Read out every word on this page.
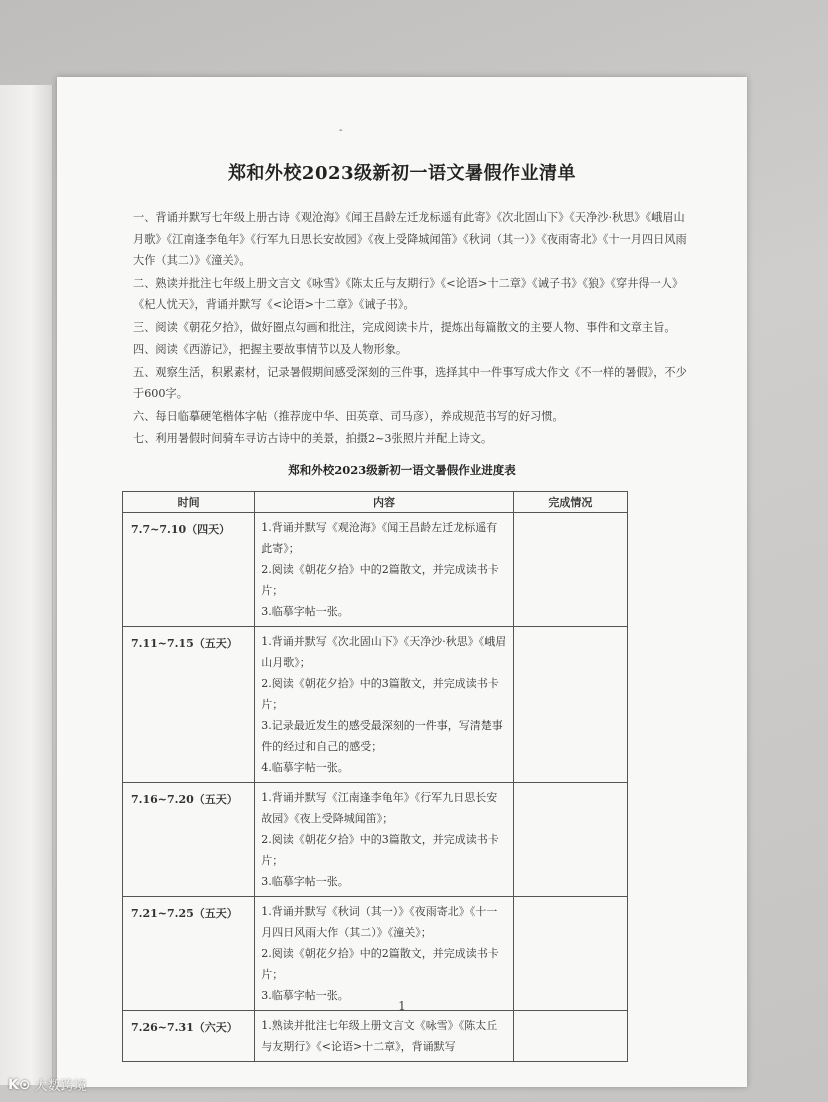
-
郑和外校2023级新初一语文暑假作业清单

一、背诵并默写七年级上册古诗《观沧海》《闻王昌龄左迁龙标遥有此寄》《次北固山下》《天净沙·秋思》《峨眉山月歌》《江南逢李龟年》《行军九日思长安故园》《夜上受降城闻笛》《秋词（其一）》《夜雨寄北》《十一月四日风雨大作（其二）》《潼关》。

二、熟读并批注七年级上册文言文《咏雪》《陈太丘与友期行》《<论语>十二章》《诫子书》《狼》《穿井得一人》《杞人忧天》，背诵并默写《<论语>十二章》《诫子书》。

三、阅读《朝花夕拾》，做好圈点勾画和批注，完成阅读卡片，提炼出每篇散文的主要人物、事件和文章主旨。

四、阅读《西游记》，把握主要故事情节以及人物形象。

五、观察生活，积累素材，记录暑假期间感受深刻的三件事，选择其中一件事写成大作文《不一样的暑假》，不少于600字。

六、每日临摹硬笔楷体字帖（推荐庞中华、田英章、司马彦），养成规范书写的好习惯。

七、利用暑假时间骑车寻访古诗中的美景，拍摄2~3张照片并配上诗文。

郑和外校2023级新初一语文暑假作业进度表
时间	内容	完成情况
7.7~7.10（四天）	1.背诵并默写《观沧海》《闻王昌龄左迁龙标遥有此寄》；

2.阅读《朝花夕拾》中的2篇散文，并完成读书卡片；

3.临摹字帖一张。	

7.11~7.15（五天）	1.背诵并默写《次北固山下》《天净沙·秋思》《峨眉山月歌》；

2.阅读《朝花夕拾》中的3篇散文，并完成读书卡片；

3.记录最近发生的感受最深刻的一件事，写清楚事件的经过和自己的感受；

4.临摹字帖一张。	

7.16~7.20（五天）	1.背诵并默写《江南逢李龟年》《行军九日思长安故园》《夜上受降城闻笛》；

2.阅读《朝花夕拾》中的3篇散文，并完成读书卡片；

3.临摹字帖一张。	

7.21~7.25（五天）	1.背诵并默写《秋词（其一）》《夜雨寄北》《十一月四日风雨大作（其二）》《潼关》；

2.阅读《朝花夕拾》中的2篇散文，并完成读书卡片；

3.临摹字帖一张。	

7.26~7.31（六天）	1.熟读并批注七年级上册文言文《咏雪》《陈太丘与友期行》《<论语>十二章》，背诵默写	

1
K⊙ 大数跨境
